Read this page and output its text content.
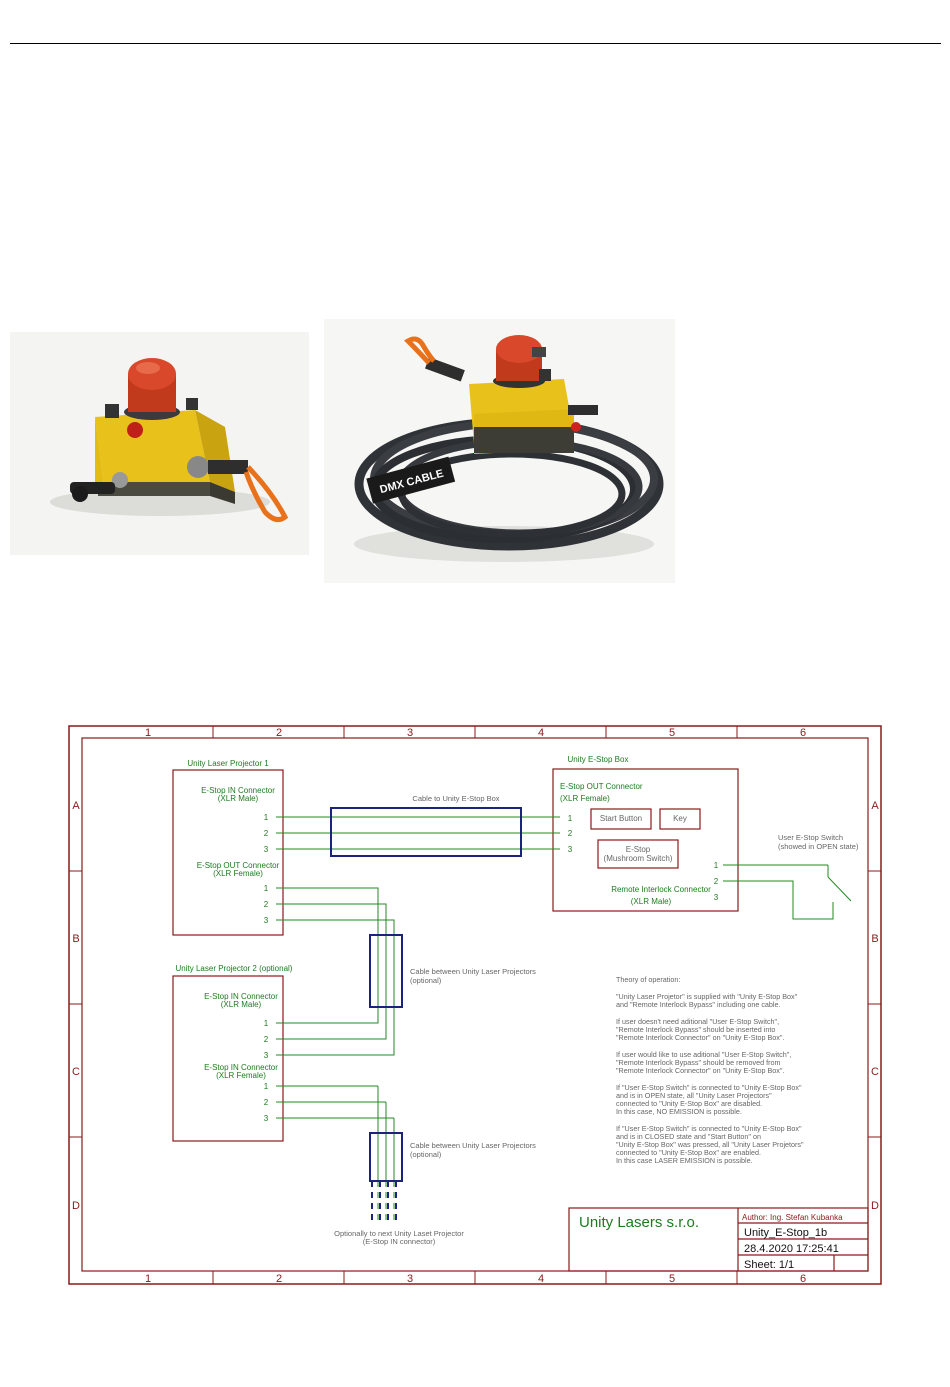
DMX CABLE
1	2	3	4	5	6
1	2	3	4	5	6
A
B
C
D
A
B
C
D
Unity Laser Projector 1
E-Stop IN Connector
(XLR Male)
E-Stop OUT Connector
(XLR Female)
1
2
3
1
2
3
Unity Laser Projector 2 (optional)
E-Stop IN Connector
(XLR Male)
E-Stop IN Connector
(XLR Female)
1
2
3
1
2
3
Unity E-Stop Box
E-Stop OUT Connector
(XLR Female)
1
2
3
Start Button	Key
E-Stop
(Mushroom Switch)
Remote Interlock Connector
(XLR Male)
1
2
3
Cable to Unity E-Stop Box
Cable between Unity Laser Projectors
(optional)
Cable between Unity Laser Projectors
(optional)
Optionally to next Unity Laset Projector
(E-Stop IN connector)
User E-Stop Switch
(showed in OPEN state)
Theory of operation:
"Unity Laser Projetor" is supplied with "Unity E-Stop Box"
and "Remote Interlock Bypass" including one cable.
If user doesn't need aditional "User E-Stop Switch",
"Remote Interlock Bypass" should be inserted into
"Remote Interlock Connector" on "Unity E-Stop Box".
If user would like to use aditional "User E-Stop Switch",
"Remote Interlock Bypass" should be removed from
"Remote Interlock Connector" on "Unity E-Stop Box".
If "User E-Stop Switch" is connected to "Unity E-Stop Box"
and is in OPEN state, all "Unity Laser Projectors"
connected to "Unity E-Stop Box" are disabled.
In this case, NO EMISSION is possible.
If "User E-Stop Switch" is connected to "Unity E-Stop Box"
and is in CLOSED state and "Start Button" on
"Unity E-Stop Box" was pressed, all "Unity Laser Projetors"
connected to "Unity E-Stop Box" are enabled.
In this case LASER EMISSION is possible.
Unity Lasers s.r.o.	Author: Ing. Stefan Kubanka
Unity_E-Stop_1b
28.4.2020 17:25:41
Sheet: 1/1
